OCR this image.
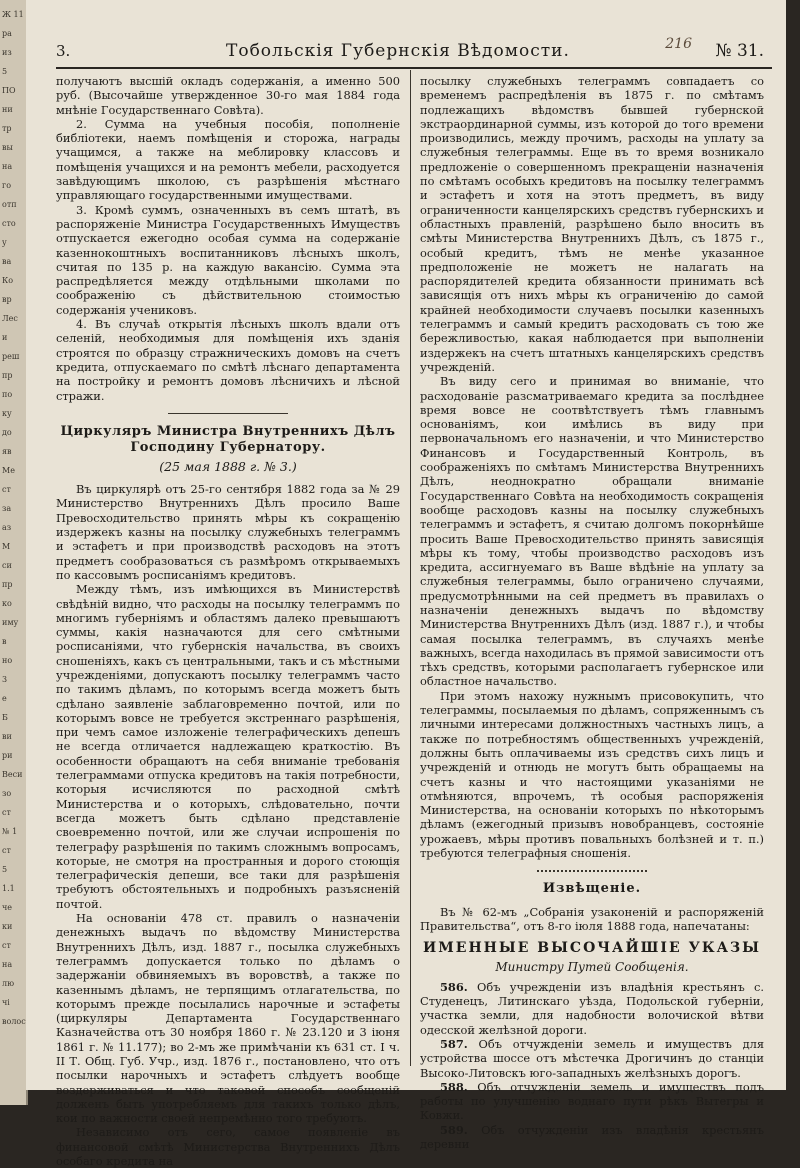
Ж 11
ра
из
5
ПО
ни
тр
вы
на
го
отп
сто
у
ва
Ко
вр
Лес
и
реш
пр
по
ку
до
яв
Ме
ст
за
аз
М
си
пр
ко
иму
в
но
3
е
Б
ви
ри
Веси
зо
ст
№ 1
ст
5
1.1
че
ки
ст
на
лю
чі
волос
3.	Тобольскія Губернскія Вѣдомости.	216 № 31.

получаютъ высшій окладъ содержанія, а именно 500 руб. (Высочайше утвержденное 30-го мая 1884 года мнѣніе Государственнаго Совѣта).

2. Сумма на учебныя пособія, пополненіе библіотеки, наемъ помѣщенія и сторожа, награды учащимся, а также на меблировку классовъ и помѣщенія учащихся и на ремонтъ мебели, расходуется завѣдующимъ школою, съ разрѣшенія мѣстнаго управляющаго государственными имуществами.

3. Кромѣ суммъ, означенныхъ въ семъ штатѣ, въ распоряженіе Министра Государственныхъ Имуществъ отпускается ежегодно особая сумма на содержаніе казеннокоштныхъ воспитанниковъ лѣсныхъ школъ, считая по 135 р. на каждую вакансію. Сумма эта распредѣляется между отдѣльными школами по соображенію съ дѣйствительною стоимостью содержанія учениковъ.

4. Въ случаѣ открытія лѣсныхъ школъ вдали отъ селеній, необходимыя для помѣщенія ихъ зданія строятся по образцу стражническихъ домовъ на счетъ кредита, отпускаемаго по смѣтѣ лѣснаго департамента на постройку и ремонтъ домовъ лѣсничихъ и лѣсной стражи.

Циркуляръ Министра Внутреннихъ Дѣлъ Господину Губернатору.
(25 мая 1888 г. № 3.)

Въ циркулярѣ отъ 25-го сентября 1882 года за № 29 Министерство Внутреннихъ Дѣлъ просило Ваше Превосходительство принять мѣры къ сокращенію издержекъ казны на посылку служебныхъ телеграммъ и эстафетъ и при производствѣ расходовъ на этотъ предметъ сообразоваться съ размѣромъ открываемыхъ по кассовымъ росписаніямъ кредитовъ.

Между тѣмъ, изъ имѣющихся въ Министерствѣ свѣдѣній видно, что расходы на посылку телеграммъ по многимъ губерніямъ и областямъ далеко превышаютъ суммы, какія назначаются для сего смѣтными росписаніями, что губернскія начальства, въ своихъ сношеніяхъ, какъ съ центральными, такъ и съ мѣстными учрежденіями, допускаютъ посылку телеграммъ часто по такимъ дѣламъ, по которымъ всегда можетъ быть сдѣлано заявленіе заблаговременно почтой, или по которымъ вовсе не требуется экстреннаго разрѣшенія, при чемъ самое изложеніе телеграфическихъ депешъ не всегда отличается надлежащею краткостію. Въ особенности обращаютъ на себя вниманіе требованія телеграммами отпуска кредитовъ на такія потребности, которыя исчисляются по расходной смѣтѣ Министерства и о которыхъ, слѣдовательно, почти всегда можетъ быть сдѣлано представленіе своевременно почтой, или же случаи испрошенія по телеграфу разрѣшенія по такимъ сложнымъ вопросамъ, которые, не смотря на пространныя и дорого стоющія телеграфическія депеши, все таки для разрѣшенія требуютъ обстоятельныхъ и подробныхъ разъясненій почтой.

На основаніи 478 ст. правилъ о назначеніи денежныхъ выдачъ по вѣдомству Министерства Внутреннихъ Дѣлъ, изд. 1887 г., посылка служебныхъ телеграммъ допускается только по дѣламъ о задержаніи обвиняемыхъ въ воровствѣ, а также по казеннымъ дѣламъ, не терпящимъ отлагательства, по которымъ прежде посылались нарочные и эстафеты (циркуляры Департамента Государственнаго Казначейства отъ 30 ноября 1860 г. № 23.120 и 3 іюня 1861 г. № 11.177); во 2-мъ же примѣчаніи къ 631 ст. I ч. II Т. Общ. Губ. Учр., изд. 1876 г., постановлено, что отъ посылки нарочныхъ и эстафетъ слѣдуетъ вообще воздерживаться и что таковой способъ сообщеній долженъ быть употребляемъ для такихъ только дѣлъ, кои по важности своей непремѣнно того требуютъ.

Независимо отъ сего, самое появленіе въ финансовой смѣтѣ Министерства Внутреннихъ Дѣлъ особаго кредита на

посылку служебныхъ телеграммъ совпадаетъ со временемъ распредѣленія въ 1875 г. по смѣтамъ подлежащихъ вѣдомствъ бывшей губернской экстраординарной суммы, изъ которой до того времени производились, между прочимъ, расходы на уплату за служебныя телеграммы. Еще въ то время возникало предложеніе о совершенномъ прекращеніи назначенія по смѣтамъ особыхъ кредитовъ на посылку телеграммъ и эстафетъ и хотя на этотъ предметъ, въ виду ограниченности канцелярскихъ средствъ губернскихъ и областныхъ правленій, разрѣшено было вносить въ смѣты Министерства Внутреннихъ Дѣлъ, съ 1875 г., особый кредитъ, тѣмъ не менѣе указанное предположеніе не можетъ не налагать на распорядителей кредита обязанности принимать всѣ зависящія отъ нихъ мѣры къ ограниченію до самой крайней необходимости случаевъ посылки казенныхъ телеграммъ и самый кредитъ расходовать съ тою же бережливостью, какая наблюдается при выполненіи издержекъ на счетъ штатныхъ канцелярскихъ средствъ учрежденій.

Въ виду сего и принимая во вниманіе, что расходованіе разсматриваемаго кредита за послѣднее время вовсе не соотвѣтствуетъ тѣмъ главнымъ основаніямъ, кои имѣлись въ виду при первоначальномъ его назначеніи, и что Министерство Финансовъ и Государственный Контроль, въ соображеніяхъ по смѣтамъ Министерства Внутреннихъ Дѣлъ, неоднократно обращали вниманіе Государственнаго Совѣта на необходимость сокращенія вообще расходовъ казны на посылку служебныхъ телеграммъ и эстафетъ, я считаю долгомъ покорнѣйше просить Ваше Превосходительство принять зависящія мѣры къ тому, чтобы производство расходовъ изъ кредита, ассигнуемаго въ Ваше вѣдѣніе на уплату за служебныя телеграммы, было ограничено случаями, предусмотрѣнными на сей предметъ въ правилахъ о назначеніи денежныхъ выдачъ по вѣдомству Министерства Внутреннихъ Дѣлъ (изд. 1887 г.), и чтобы самая посылка телеграммъ, въ случаяхъ менѣе важныхъ, всегда находилась въ прямой зависимости отъ тѣхъ средствъ, которыми располагаетъ губернское или областное начальство.

При этомъ нахожу нужнымъ присовокупить, что телеграммы, посылаемыя по дѣламъ, сопряженнымъ съ личными интересами должностныхъ частныхъ лицъ, а также по потребностямъ общественныхъ учрежденій, должны быть оплачиваемы изъ средствъ сихъ лицъ и учрежденій и отнюдь не могутъ быть обращаемы на счетъ казны и что настоящими указаніями не отмѣняются, впрочемъ, тѣ особыя распоряженія Министерства, на основаніи которыхъ по нѣкоторымъ дѣламъ (ежегодный призывъ новобранцевъ, состояніе урожаевъ, мѣры противъ повальныхъ болѣзней и т. п.) требуются телеграфныя сношенія.

Извѣщеніе.

Въ № 62-мъ „Собранія узаконеній и распоряженій Правительства“, отъ 8-го іюля 1888 года, напечатаны:

ИМЕННЫЕ ВЫСОЧАЙШІЕ УКАЗЫ
Министру Путей Сообщенія.

586. Объ учрежденіи изъ владѣнія крестьянъ с. Студенецъ, Литинскаго уѣзда, Подольской губерніи, участка земли, для надобности волочиской вѣтви одесской желѣзной дороги.

587. Объ отчужденіи земель и имуществъ для устройства шоссе отъ мѣстечка Дрогичинъ до станціи Высоко-Литовскъ юго-западныхъ желѣзныхъ дорогъ.

588. Объ отчужденіи земель и имуществъ подъ работы по улучшенію воднаго пути рѣкъ Вытегры и Ковжи.

589. Объ отчужденіи изъ владѣнія крестьянъ деревни
